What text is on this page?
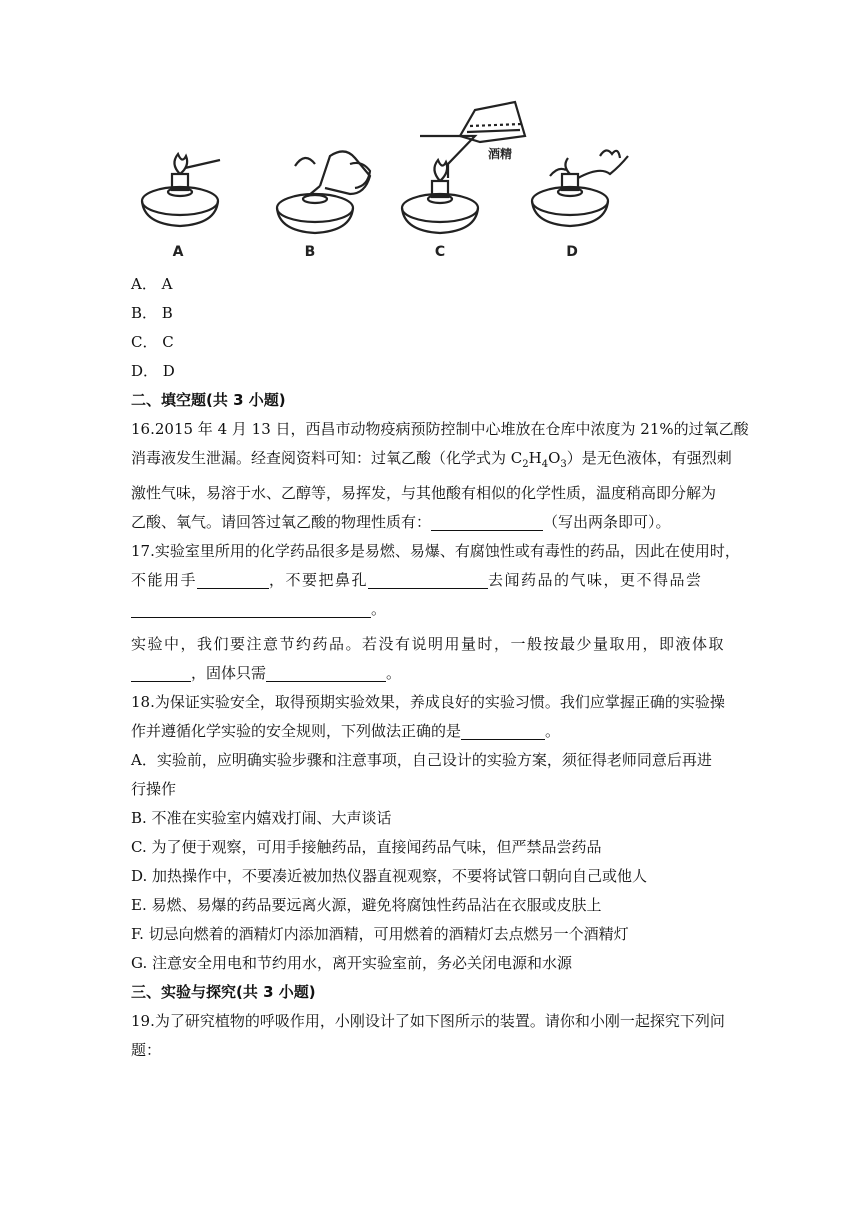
A	B	C	D
酒精
A． A
B． B
C． C
D． D
二、填空题(共 3 小题)
16.2015 年 4 月 13 日，西昌市动物疫病预防控制中心堆放在仓库中浓度为 21%的过氧乙酸
消毒液发生泄漏。经查阅资料可知：过氧乙酸（化学式为 $C_2H_4O_3$）是无色液体，有强烈刺
激性气味，易溶于水、乙醇等，易挥发，与其他酸有相似的化学性质，温度稍高即分解为
乙酸、氧气。请回答过氧乙酸的物理性质有：	（写出两条即可）。
17.实验室里所用的化学药品很多是易燃、易爆、有腐蚀性或有毒性的药品，因此在使用时，
不能用手	，不要把鼻孔	去闻药品的气味，更不得品尝
。
实验中，我们要注意节约药品。若没有说明用量时，一般按最少量取用，即液体取
，固体只需	。
18.为保证实验安全，取得预期实验效果，养成良好的实验习惯。我们应掌握正确的实验操
作并遵循化学实验的安全规则，下列做法正确的是	。
A．实验前，应明确实验步骤和注意事项，自己设计的实验方案，须征得老师同意后再进
行操作
B. 不准在实验室内嬉戏打闹、大声谈话
C. 为了便于观察，可用手接触药品，直接闻药品气味，但严禁品尝药品
D. 加热操作中，不要凑近被加热仪器直视观察，不要将试管口朝向自己或他人
E. 易燃、易爆的药品要远离火源，避免将腐蚀性药品沾在衣服或皮肤上
F. 切忌向燃着的酒精灯内添加酒精，可用燃着的酒精灯去点燃另一个酒精灯
G. 注意安全用电和节约用水，离开实验室前，务必关闭电源和水源
三、实验与探究(共 3 小题)
19.为了研究植物的呼吸作用，小刚设计了如下图所示的装置。请你和小刚一起探究下列问
题：
